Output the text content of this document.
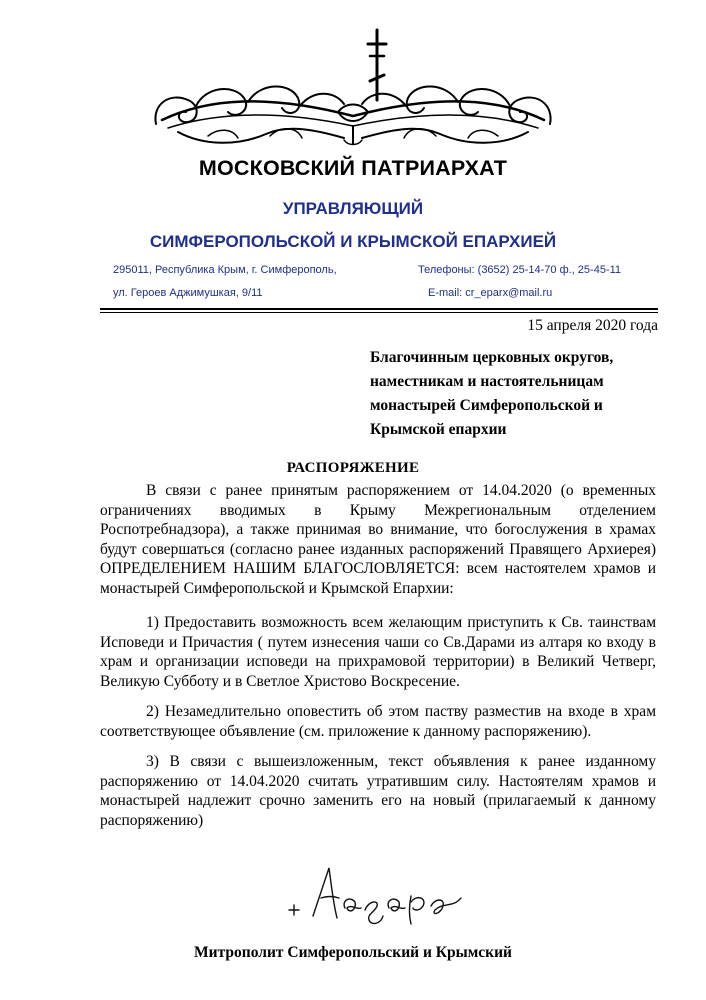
МОСКОВСКИЙ ПАТРИАРХАТ
УПРАВЛЯЮЩИЙ
СИМФЕРОПОЛЬСКОЙ И КРЫМСКОЙ ЕПАРХИЕЙ
295011, Республика Крым, г. Симферополь,
ул. Героев Аджимушкая, 9/11
Телефоны: (3652) 25-14-70 ф., 25-45-11
E-mail: cr_eparx@mail.ru
15 апреля 2020 года
Благочинным церковных округов, наместникам и настоятельницам монастырей Симферопольской и Крымской епархии
РАСПОРЯЖЕНИЕ

В связи с ранее принятым распоряжением от 14.04.2020 (о временных ограничениях вводимых в Крыму Межрегиональным отделением Роспотребнадзора), а также принимая во внимание, что богослужения в храмах будут совершаться (согласно ранее изданных распоряжений Правящего Архиерея) ОПРЕДЕЛЕНИЕМ НАШИМ БЛАГОСЛОВЛЯЕТСЯ: всем настоятелем храмов и монастырей Симферопольской и Крымской Епархии:

1) Предоставить возможность всем желающим приступить к Св. таинствам Исповеди и Причастия ( путем изнесения чаши со Св.Дарами из алтаря ко входу в храм и организации исповеди на прихрамовой территории) в Великий Четверг, Великую Субботу и в Светлое Христово Воскресение.

2) Незамедлительно оповестить об этом паству разместив на входе в храм соответствующее объявление (см. приложение к данному распоряжению).

3) В связи с вышеизложенным, текст объявления к ранее изданному распоряжению от 14.04.2020 считать утратившим силу. Настоятелям храмов и монастырей надлежит срочно заменить его на новый (прилагаемый к данному распоряжению)

Митрополит Симферопольский и Крымский
